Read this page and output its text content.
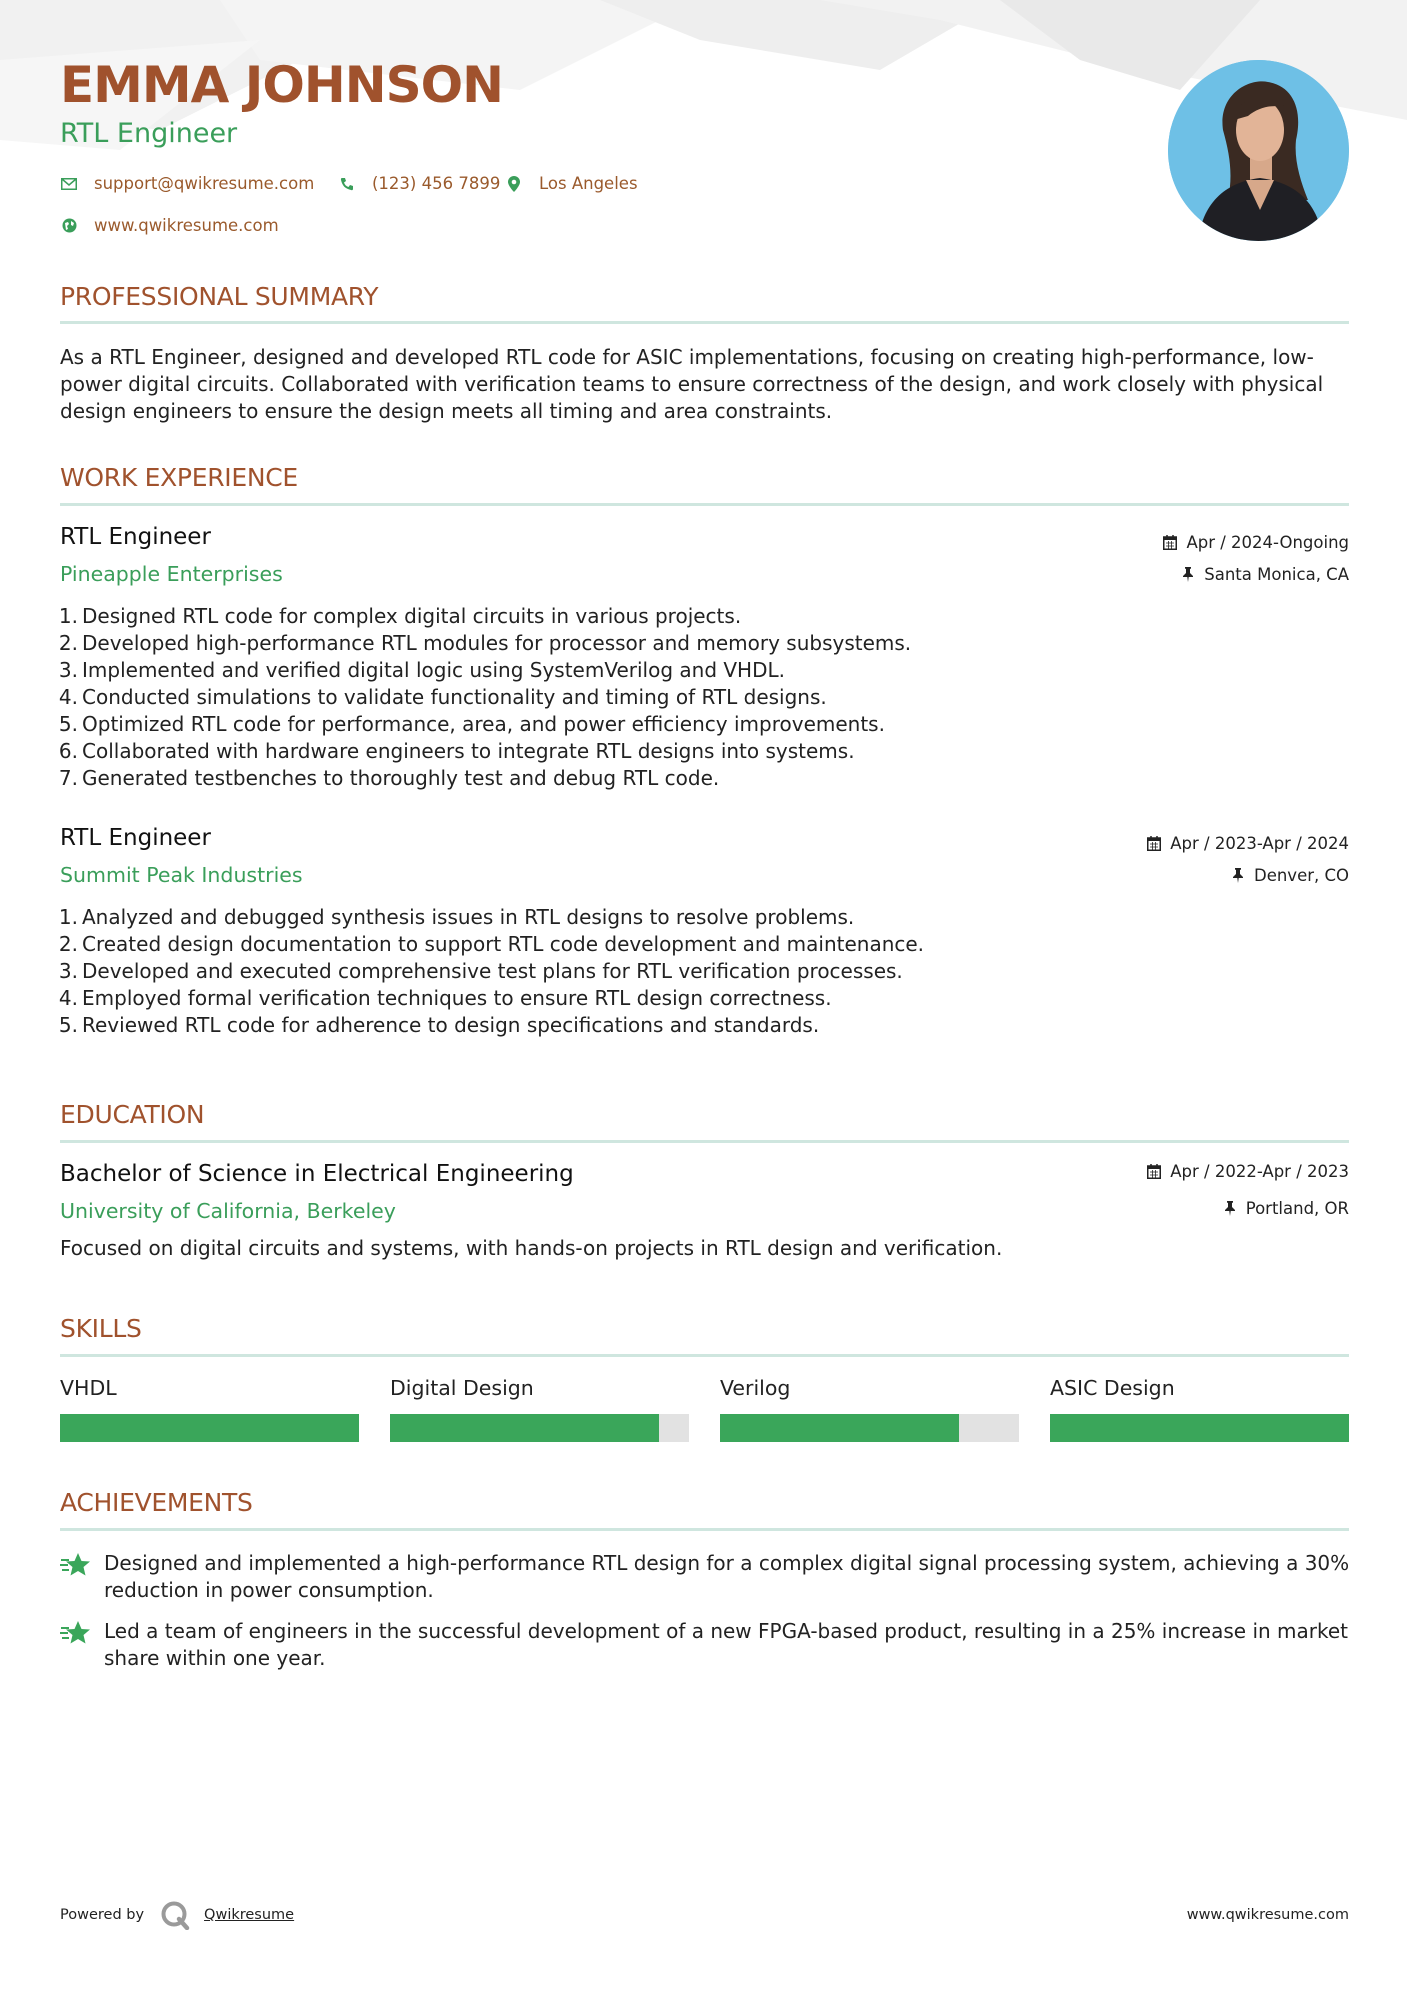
EMMA JOHNSON
RTL Engineer
support@qwikresume.com	(123) 456 7899 Los Angeles
www.qwikresume.com
PROFESSIONAL SUMMARY
As a RTL Engineer, designed and developed RTL code for ASIC implementations, focusing on creating high-performance, low-power digital circuits. Collaborated with verification teams to ensure correctness of the design, and work closely with physical design engineers to ensure the design meets all timing and area constraints.
WORK EXPERIENCE
RTL Engineer
Pineapple Enterprises
Apr / 2024-Ongoing
Santa Monica, CA
1. Designed RTL code for complex digital circuits in various projects.
2. Developed high-performance RTL modules for processor and memory subsystems.
3. Implemented and verified digital logic using SystemVerilog and VHDL.
4. Conducted simulations to validate functionality and timing of RTL designs.
5. Optimized RTL code for performance, area, and power efficiency improvements.
6. Collaborated with hardware engineers to integrate RTL designs into systems.
7. Generated testbenches to thoroughly test and debug RTL code.
RTL Engineer
Summit Peak Industries
Apr / 2023-Apr / 2024
Denver, CO
1. Analyzed and debugged synthesis issues in RTL designs to resolve problems.
2. Created design documentation to support RTL code development and maintenance.
3. Developed and executed comprehensive test plans for RTL verification processes.
4. Employed formal verification techniques to ensure RTL design correctness.
5. Reviewed RTL code for adherence to design specifications and standards.
EDUCATION
Bachelor of Science in Electrical Engineering
University of California, Berkeley
Apr / 2022-Apr / 2023
Portland, OR
Focused on digital circuits and systems, with hands-on projects in RTL design and verification.
SKILLS
VHDL	Digital Design	Verilog	ASIC Design
ACHIEVEMENTS
Designed and implemented a high-performance RTL design for a complex digital signal processing system, achieving a 30% reduction in power consumption.
Led a team of engineers in the successful development of a new FPGA-based product, resulting in a 25% increase in market share within one year.
Powered by	Qwikresume	www.qwikresume.com
